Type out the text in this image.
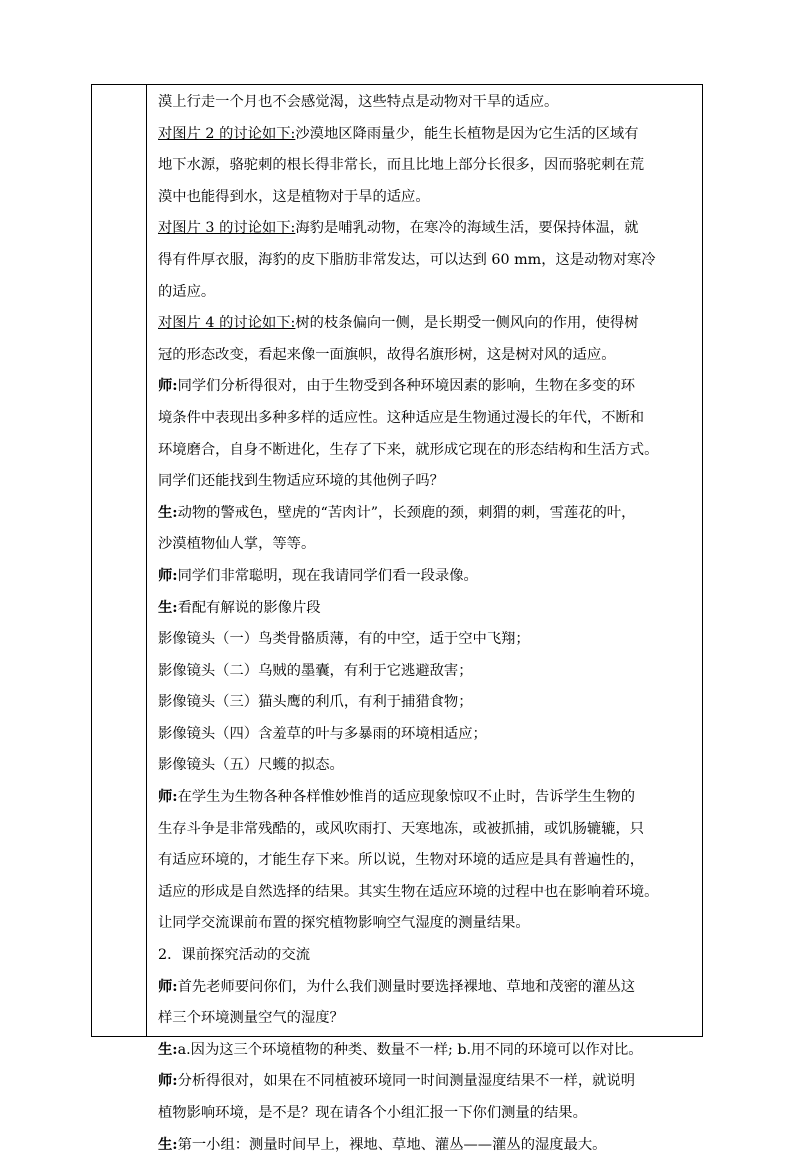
漠上行走一个月也不会感觉渴，这些特点是动物对干旱的适应。
对图片 2 的讨论如下:沙漠地区降雨量少，能生长植物是因为它生活的区域有
地下水源，骆驼刺的根长得非常长，而且比地上部分长很多，因而骆驼刺在荒
漠中也能得到水，这是植物对于旱的适应。
对图片 3 的讨论如下:海豹是哺乳动物，在寒冷的海域生活，要保持体温，就
得有件厚衣服，海豹的皮下脂肪非常发达，可以达到 60 mm，这是动物对寒冷
的适应。
对图片 4 的讨论如下:树的枝条偏向一侧，是长期受一侧风向的作用，使得树
冠的形态改变，看起来像一面旗帜，故得名旗形树，这是树对风的适应。
师:同学们分析得很对，由于生物受到各种环境因素的影响，生物在多变的环
境条件中表现出多种多样的适应性。这种适应是生物通过漫长的年代，不断和
环境磨合，自身不断进化，生存了下来，就形成它现在的形态结构和生活方式。
同学们还能找到生物适应环境的其他例子吗？
生:动物的警戒色，壁虎的“苦肉计”，长颈鹿的颈，刺猬的刺，雪莲花的叶，
沙漠植物仙人掌，等等。
师:同学们非常聪明，现在我请同学们看一段录像。
生:看配有解说的影像片段
影像镜头（一）鸟类骨骼质薄，有的中空，适于空中飞翔；
影像镜头（二）乌贼的墨囊，有利于它逃避敌害；
影像镜头（三）猫头鹰的利爪，有利于捕猎食物；
影像镜头（四）含羞草的叶与多暴雨的环境相适应；
影像镜头（五）尺蠖的拟态。
师:在学生为生物各种各样惟妙惟肖的适应现象惊叹不止时，告诉学生生物的
生存斗争是非常残酷的，或风吹雨打、天寒地冻，或被抓捕，或饥肠辘辘，只
有适应环境的，才能生存下来。所以说，生物对环境的适应是具有普遍性的，
适应的形成是自然选择的结果。其实生物在适应环境的过程中也在影响着环境。
让同学交流课前布置的探究植物影响空气湿度的测量结果。
2．课前探究活动的交流
师:首先老师要问你们，为什么我们测量时要选择裸地、草地和茂密的灌丛这
样三个环境测量空气的湿度？
生:a.因为这三个环境植物的种类、数量不一样; b.用不同的环境可以作对比。
师:分析得很对，如果在不同植被环境同一时间测量湿度结果不一样，就说明
植物影响环境，是不是？现在请各个小组汇报一下你们测量的结果。
生:第一小组：测量时间早上，裸地、草地、灌丛——灌丛的湿度最大。
